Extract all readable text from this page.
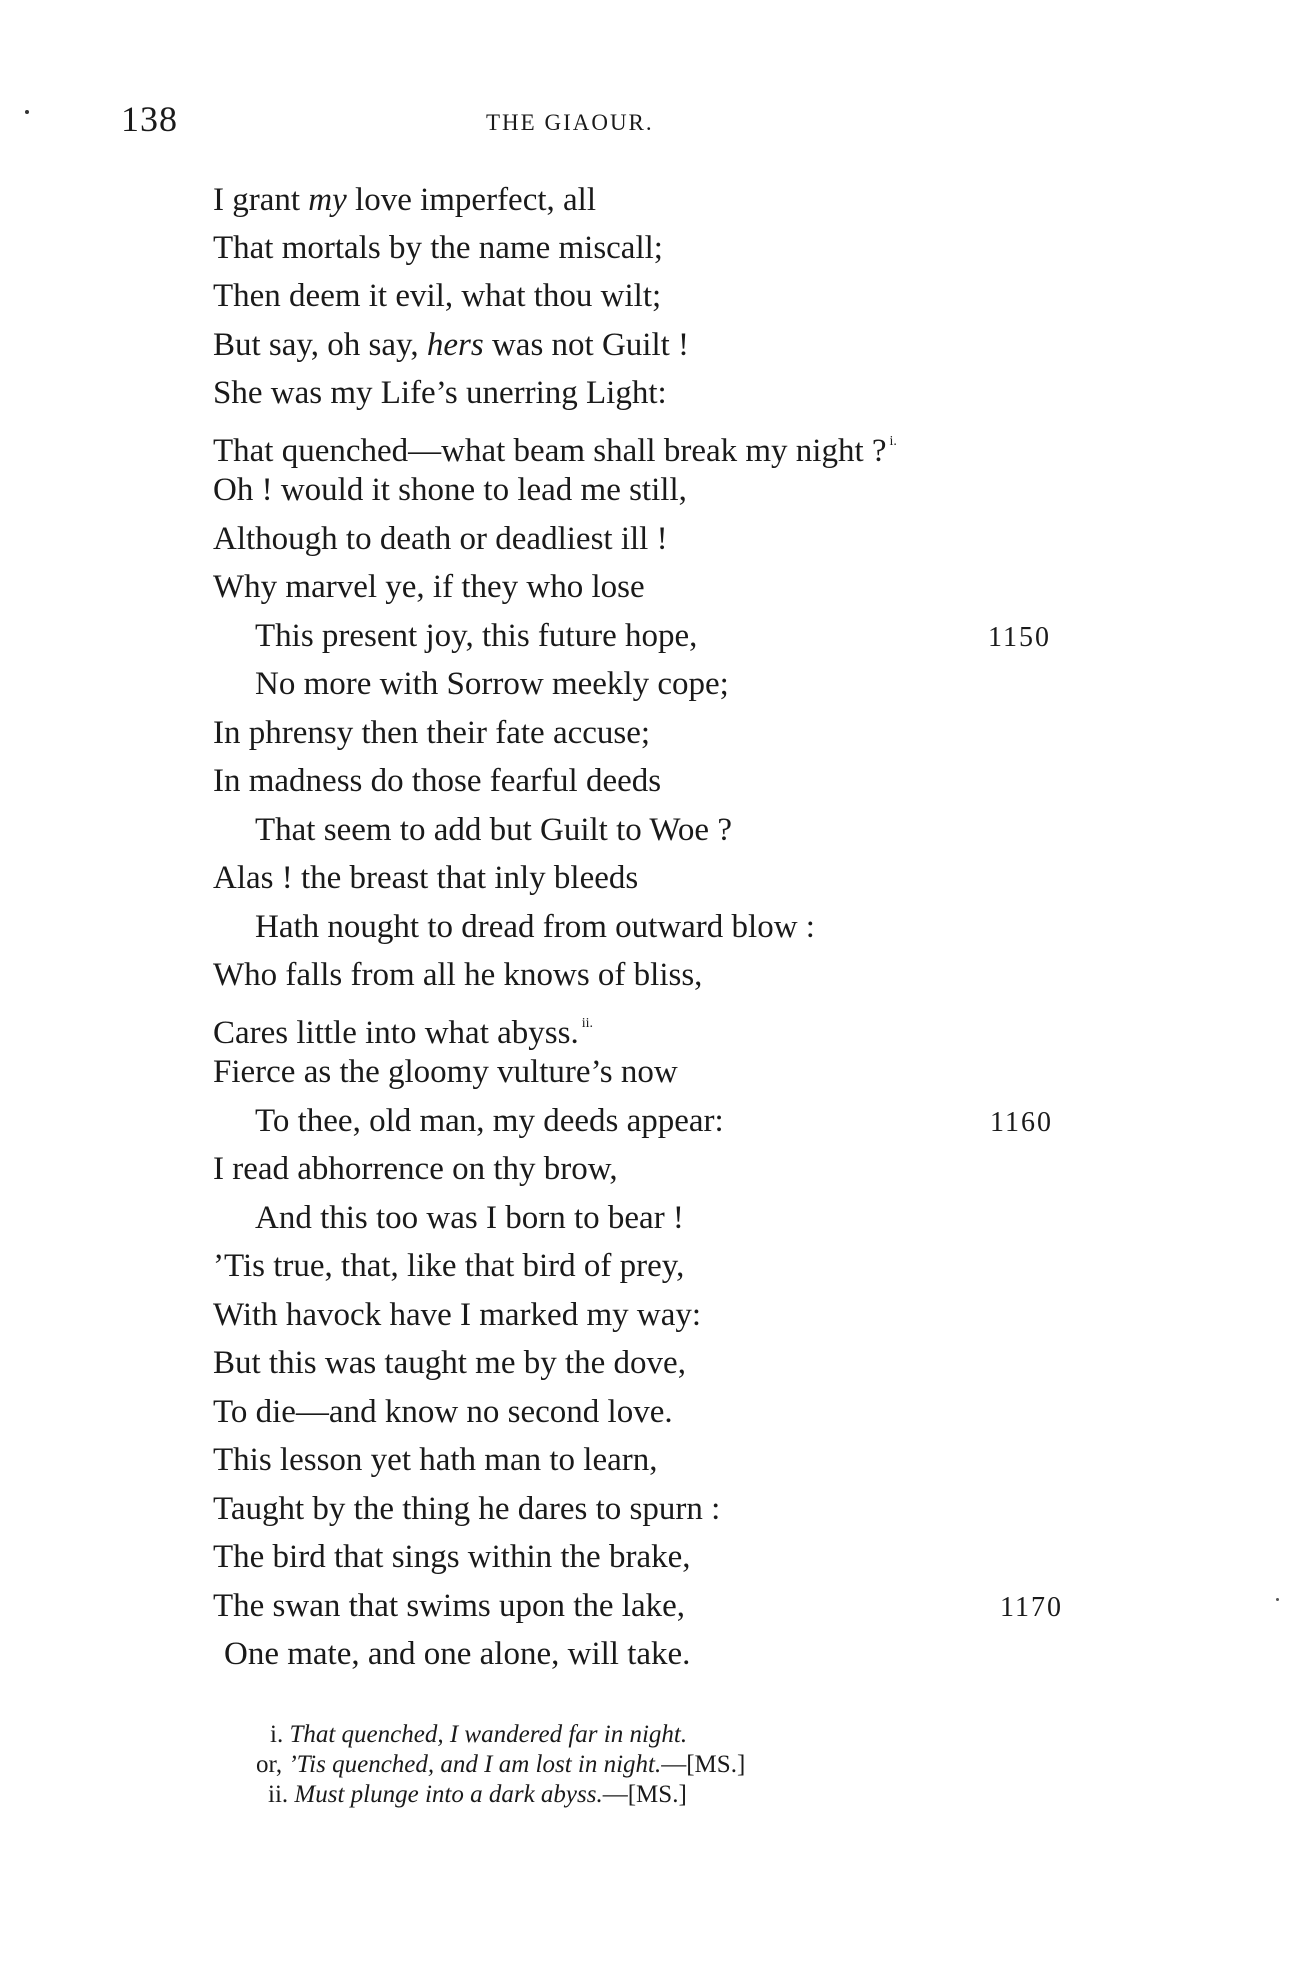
138	THE GIAOUR.
I grant my love imperfect, all
That mortals by the name miscall;
Then deem it evil, what thou wilt;
But say, oh say, hers was not Guilt !
She was my Life’s unerring Light:
That quenched—what beam shall break my night ? $^{i.}$
Oh ! would it shone to lead me still,
Although to death or deadliest ill !
Why marvel ye, if they who lose
This present joy, this future hope,	1150
No more with Sorrow meekly cope;
In phrensy then their fate accuse;
In madness do those fearful deeds
That seem to add but Guilt to Woe ?
Alas ! the breast that inly bleeds
Hath nought to dread from outward blow :
Who falls from all he knows of bliss,
Cares little into what abyss. $^{ii.}$
Fierce as the gloomy vulture’s now
To thee, old man, my deeds appear:	1160
I read abhorrence on thy brow,
And this too was I born to bear !
’Tis true, that, like that bird of prey,
With havock have I marked my way:
But this was taught me by the dove,
To die—and know no second love.
This lesson yet hath man to learn,
Taught by the thing he dares to spurn :
The bird that sings within the brake,
The swan that swims upon the lake,	1170
One mate, and one alone, will take.
i. That quenched, I wandered far in night.
or, ’Tis quenched, and I am lost in night.—[MS.]
ii. Must plunge into a dark abyss.—[MS.]
